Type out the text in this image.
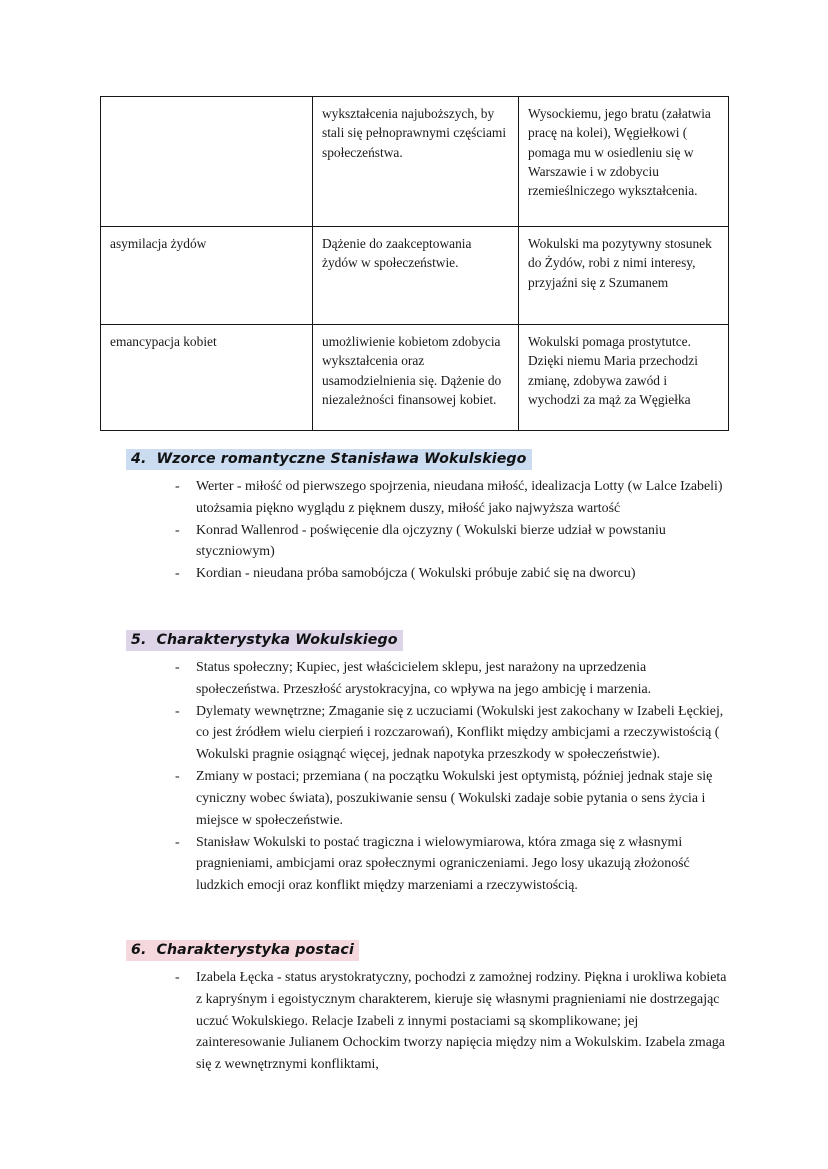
	wykształcenia najuboższych, by stali się pełnoprawnymi częściami społeczeństwa.	Wysockiemu, jego bratu (załatwia pracę na kolei), Węgiełkowi ( pomaga mu w osiedleniu się w Warszawie i w zdobyciu rzemieślniczego wykształcenia.
asymilacja żydów	Dążenie do zaakceptowania żydów w społeczeństwie.	Wokulski ma pozytywny stosunek do Żydów, robi z nimi interesy, przyjaźni się z Szumanem
emancypacja kobiet	umożliwienie kobietom zdobycia wykształcenia oraz usamodzielnienia się. Dążenie do niezależności finansowej kobiet.	Wokulski pomaga prostytutce. Dzięki niemu Maria przechodzi zmianę, zdobywa zawód i wychodzi za mąż za Węgiełka
4. Wzorce romantyczne Stanisława Wokulskiego
- Werter - miłość od pierwszego spojrzenia, nieudana miłość, idealizacja Lotty (w Lalce Izabeli) utożsamia piękno wyglądu z pięknem duszy, miłość jako najwyższa wartość
- Konrad Wallenrod - poświęcenie dla ojczyzny ( Wokulski bierze udział w powstaniu styczniowym)
- Kordian - nieudana próba samobójcza ( Wokulski próbuje zabić się na dworcu)
5. Charakterystyka Wokulskiego
- Status społeczny; Kupiec, jest właścicielem sklepu, jest narażony na uprzedzenia społeczeństwa. Przeszłość arystokracyjna, co wpływa na jego ambicję i marzenia.
- Dylematy wewnętrzne; Zmaganie się z uczuciami (Wokulski jest zakochany w Izabeli Łęckiej, co jest źródłem wielu cierpień i rozczarowań), Konflikt między ambicjami a rzeczywistością ( Wokulski pragnie osiągnąć więcej, jednak napotyka przeszkody w społeczeństwie).
- Zmiany w postaci; przemiana ( na początku Wokulski jest optymistą, później jednak staje się cyniczny wobec świata), poszukiwanie sensu ( Wokulski zadaje sobie pytania o sens życia i miejsce w społeczeństwie.
- Stanisław Wokulski to postać tragiczna i wielowymiarowa, która zmaga się z własnymi pragnieniami, ambicjami oraz społecznymi ograniczeniami. Jego losy ukazują złożoność ludzkich emocji oraz konflikt między marzeniami a rzeczywistością.
6. Charakterystyka postaci
- Izabela Łęcka - status arystokratyczny, pochodzi z zamożnej rodziny. Piękna i urokliwa kobieta z kapryśnym i egoistycznym charakterem, kieruje się własnymi pragnieniami nie dostrzegając uczuć Wokulskiego. Relacje Izabeli z innymi postaciami są skomplikowane; jej zainteresowanie Julianem Ochockim tworzy napięcia między nim a Wokulskim. Izabela zmaga się z wewnętrznymi konfliktami,
